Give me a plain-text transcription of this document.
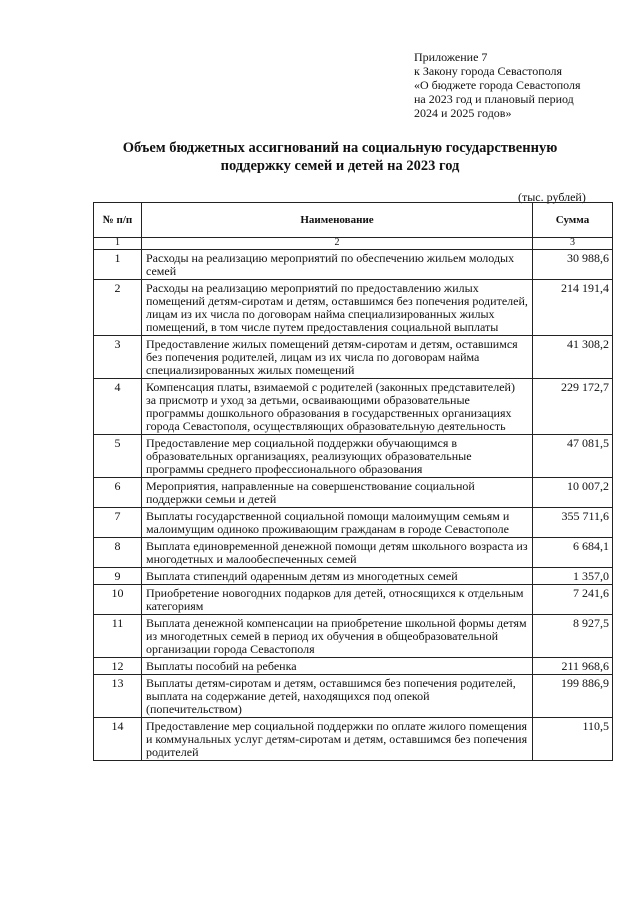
Приложение 7
к Закону города Севастополя
«О бюджете города Севастополя
на 2023 год и плановый период
2024 и 2025 годов»
Объем бюджетных ассигнований на социальную государственную поддержку семей и детей на 2023 год
(тыс. рублей)
№ п/п	Наименование	Сумма
1	2	3
1	Расходы на реализацию мероприятий по обеспечению жильем молодых семей	30 988,6
2	Расходы на реализацию мероприятий по предоставлению жилых помещений детям-сиротам и детям, оставшимся без попечения родителей, лицам из их числа по договорам найма специализированных жилых помещений, в том числе путем предоставления социальной выплаты	214 191,4
3	Предоставление жилых помещений детям-сиротам и детям, оставшимся без попечения родителей, лицам из их числа по договорам найма специализированных жилых помещений	41 308,2
4	Компенсация платы, взимаемой с родителей (законных представителей) за присмотр и уход за детьми, осваивающими образовательные программы дошкольного образования в государственных организациях города Севастополя, осуществляющих образовательную деятельность	229 172,7
5	Предоставление мер социальной поддержки обучающимся в образовательных организациях, реализующих образовательные программы среднего профессионального образования	47 081,5
6	Мероприятия, направленные на совершенствование социальной поддержки семьи и детей	10 007,2
7	Выплаты государственной социальной помощи малоимущим семьям и малоимущим одиноко проживающим гражданам в городе Севастополе	355 711,6
8	Выплата единовременной денежной помощи детям школьного возраста из многодетных и малообеспеченных семей	6 684,1
9	Выплата стипендий одаренным детям из многодетных семей	1 357,0
10	Приобретение новогодних подарков для детей, относящихся к отдельным категориям	7 241,6
11	Выплата денежной компенсации на приобретение школьной формы детям из многодетных семей в период их обучения в общеобразовательной организации города Севастополя	8 927,5
12	Выплаты пособий на ребенка	211 968,6
13	Выплаты детям-сиротам и детям, оставшимся без попечения родителей, выплата на содержание детей, находящихся под опекой (попечительством)	199 886,9
14	Предоставление мер социальной поддержки по оплате жилого помещения и коммунальных услуг детям-сиротам и детям, оставшимся без попечения родителей	110,5
